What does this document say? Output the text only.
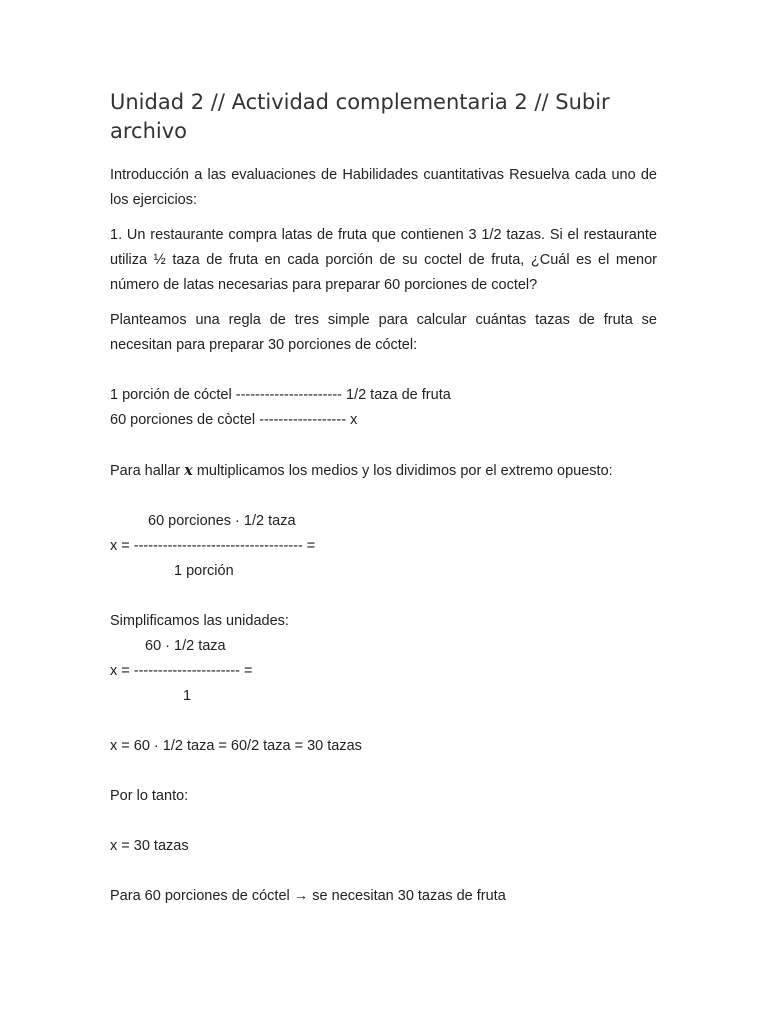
Unidad 2 // Actividad complementaria 2 // Subir archivo

Introducción a las evaluaciones de Habilidades cuantitativas Resuelva cada uno de los ejercicios:

1. Un restaurante compra latas de fruta que contienen 3 1/2 tazas. Si el restaurante utiliza ½ taza de fruta en cada porción de su coctel de fruta, ¿Cuál es el menor número de latas necesarias para preparar 60 porciones de coctel?

Planteamos una regla de tres simple para calcular cuántas tazas de fruta se necesitan para preparar 30 porciones de cóctel:

1 porción de cóctel ---------------------- 1/2 taza de fruta

60 porciones de còctel ------------------ x

Para hallar x multiplicamos los medios y los dividimos por el extremo opuesto:

60 porciones · 1/2 taza

x = ----------------------------------- =

1 porción

Simplificamos las unidades:

60 · 1/2 taza

x = ---------------------- =

1

x = 60 · 1/2 taza = 60/2 taza = 30 tazas

Por lo tanto:

x = 30 tazas

Para 60 porciones de cóctel → se necesitan 30 tazas de fruta
